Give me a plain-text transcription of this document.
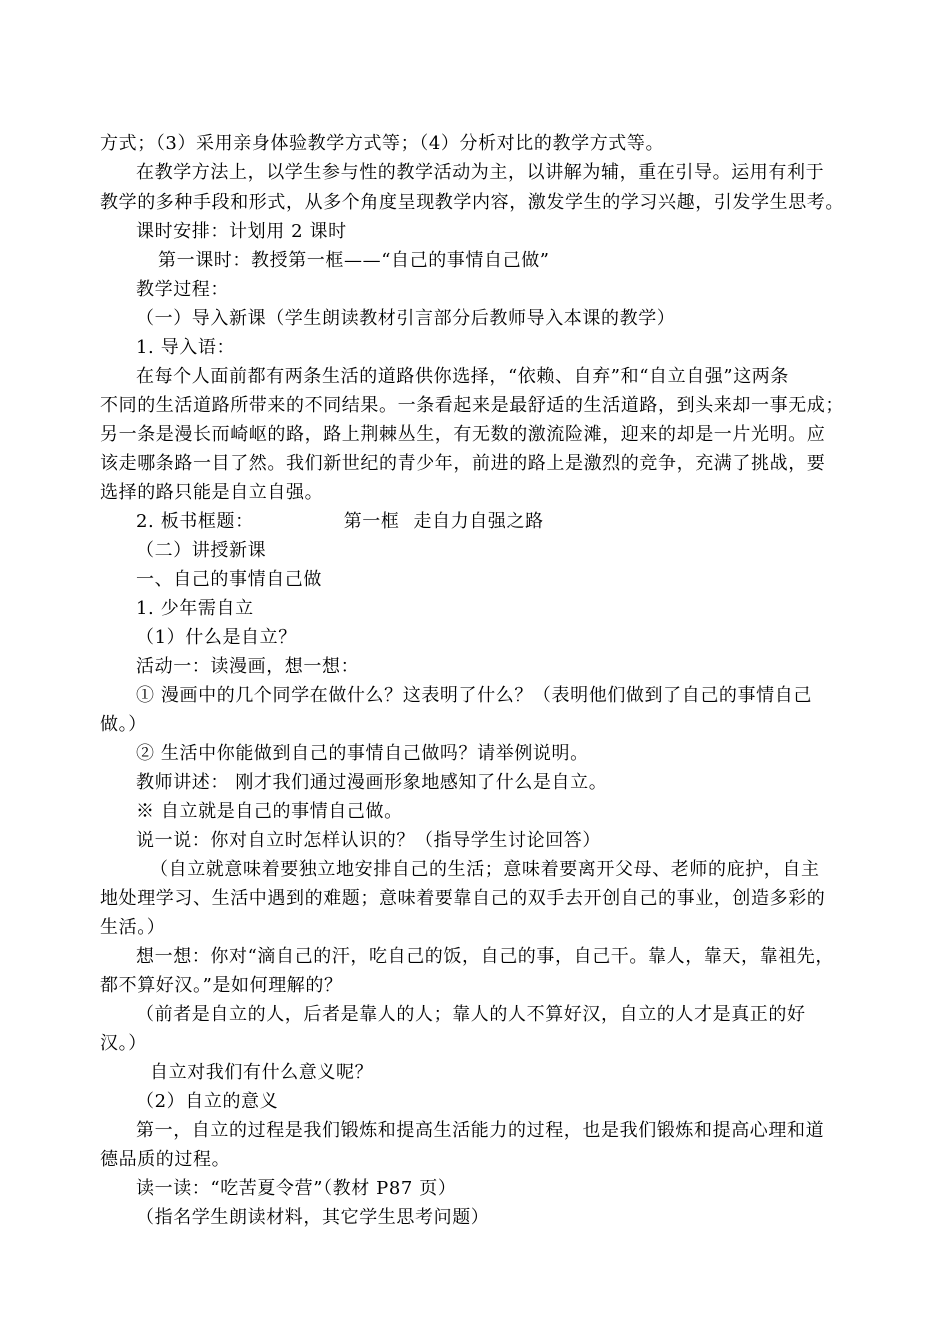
方式；（3）采用亲身体验教学方式等；（4）分析对比的教学方式等。
在教学方法上，以学生参与性的教学活动为主，以讲解为辅，重在引导。运用有利于
教学的多种手段和形式，从多个角度呈现教学内容，激发学生的学习兴趣，引发学生思考。
课时安排：计划用 2 课时
第一课时：教授第一框——“自己的事情自己做”
教学过程：
（一）导入新课（学生朗读教材引言部分后教师导入本课的教学）
1. 导入语：
在每个人面前都有两条生活的道路供你选择，“依赖、自弃”和“自立自强”这两条
不同的生活道路所带来的不同结果。一条看起来是最舒适的生活道路，到头来却一事无成；
另一条是漫长而崎岖的路，路上荆棘丛生，有无数的激流险滩，迎来的却是一片光明。应
该走哪条路一目了然。我们新世纪的青少年，前进的路上是激烈的竞争，充满了挑战，要
选择的路只能是自立自强。
2. 板书框题：	第一框 走自力自强之路
（二）讲授新课
一、自己的事情自己做
1. 少年需自立
（1）什么是自立？
活动一：读漫画，想一想：
① 漫画中的几个同学在做什么？这表明了什么？（表明他们做到了自己的事情自己
做。）
② 生活中你能做到自己的事情自己做吗？请举例说明。
教师讲述： 刚才我们通过漫画形象地感知了什么是自立。
※ 自立就是自己的事情自己做。
说一说：你对自立时怎样认识的？（指导学生讨论回答）
（自立就意味着要独立地安排自己的生活；意味着要离开父母、老师的庇护，自主
地处理学习、生活中遇到的难题；意味着要靠自己的双手去开创自己的事业，创造多彩的
生活。）
想一想：你对“滴自己的汗，吃自己的饭，自己的事，自己干。靠人，靠天，靠祖先，
都不算好汉。”是如何理解的？
（前者是自立的人，后者是靠人的人；靠人的人不算好汉，自立的人才是真正的好
汉。）
自立对我们有什么意义呢？
（2）自立的意义
第一，自立的过程是我们锻炼和提高生活能力的过程，也是我们锻炼和提高心理和道
德品质的过程。
读一读：“吃苦夏令营”（教材 P87 页）
（指名学生朗读材料，其它学生思考问题）
